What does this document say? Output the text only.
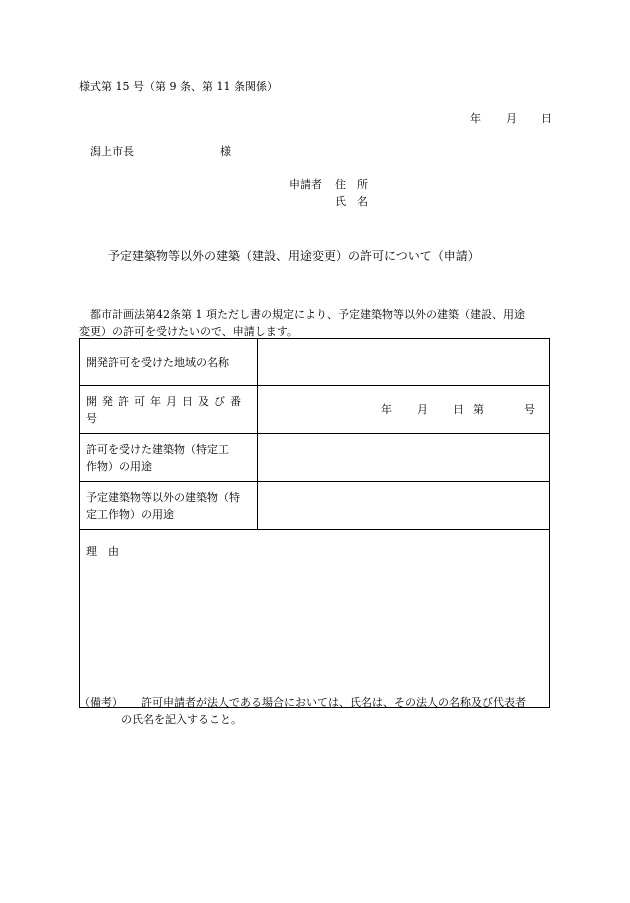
様式第 15 号（第 9 条、第 11 条関係）
年 月 日
潟上市長	様
申請者 住　所
氏　名
予定建築物等以外の建築（建設、用途変更）の許可について（申請）
都市計画法第42条第 1 項ただし書の規定により、予定建築物等以外の建築（建設、用途
変更）の許可を受けたいので、申請します。
開発許可を受けた地域の名称	
開発許可年月日及び番号	年 月 日 第 号

許可を受けた建築物（特定工
作物）の用途	

予定建築物等以外の建築物（特
定工作物）の用途	

理　由	
（備考） 許可申請者が法人である場合においては、氏名は、その法人の名称及び代表者
の氏名を記入すること。
